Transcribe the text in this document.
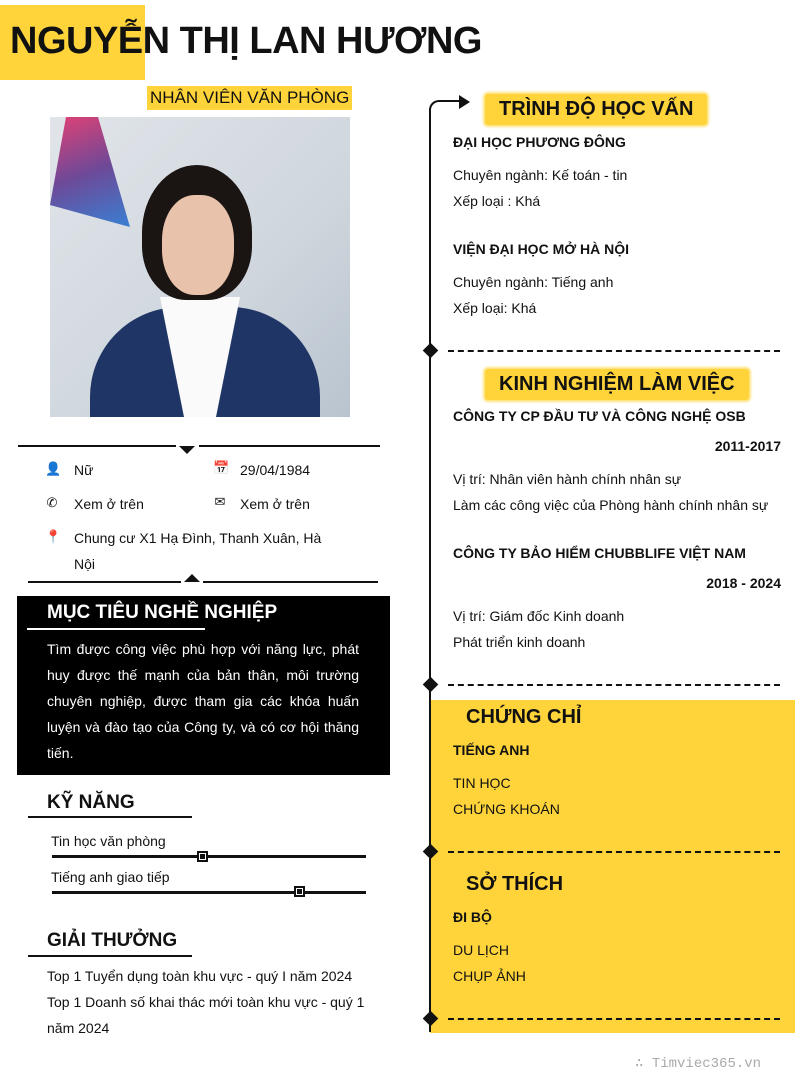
NGUYỄN THỊ LAN HƯƠNG
NHÂN VIÊN VĂN PHÒNG
👤 Nữ	📅 29/04/1984
✆ Xem ở trên	✉ Xem ở trên
📍 Chung cư X1 Hạ Đình, Thanh Xuân, Hà Nội
MỤC TIÊU NGHỀ NGHIỆP

Tìm được công việc phù hợp với năng lực, phát huy được thế mạnh của bản thân, môi trường chuyên nghiệp, được tham gia các khóa huấn luyện và đào tạo của Công ty, và có cơ hội thăng tiến.

KỸ NĂNG
Tin học văn phòng
Tiếng anh giao tiếp
GIẢI THƯỞNG
Top 1 Tuyển dụng toàn khu vực - quý I năm 2024
Top 1 Doanh số khai thác mới toàn khu vực - quý 1 năm 2024
TRÌNH ĐỘ HỌC VẤN
ĐẠI HỌC PHƯƠNG ĐÔNG
Chuyên ngành: Kế toán - tin
Xếp loại : Khá
VIỆN ĐẠI HỌC MỞ HÀ NỘI
Chuyên ngành: Tiếng anh
Xếp loại: Khá
KINH NGHIỆM LÀM VIỆC
CÔNG TY CP ĐẦU TƯ VÀ CÔNG NGHỆ OSB
2011-2017
Vị trí: Nhân viên hành chính nhân sự
Làm các công việc của Phòng hành chính nhân sự
CÔNG TY BẢO HIỂM CHUBBLIFE VIỆT NAM
2018 - 2024
Vị trí: Giám đốc Kinh doanh
Phát triển kinh doanh
CHỨNG CHỈ
TIẾNG ANH
TIN HỌC
CHỨNG KHOÁN
SỞ THÍCH
ĐI BỘ
DU LỊCH
CHỤP ẢNH
∴ Timviec365.vn
